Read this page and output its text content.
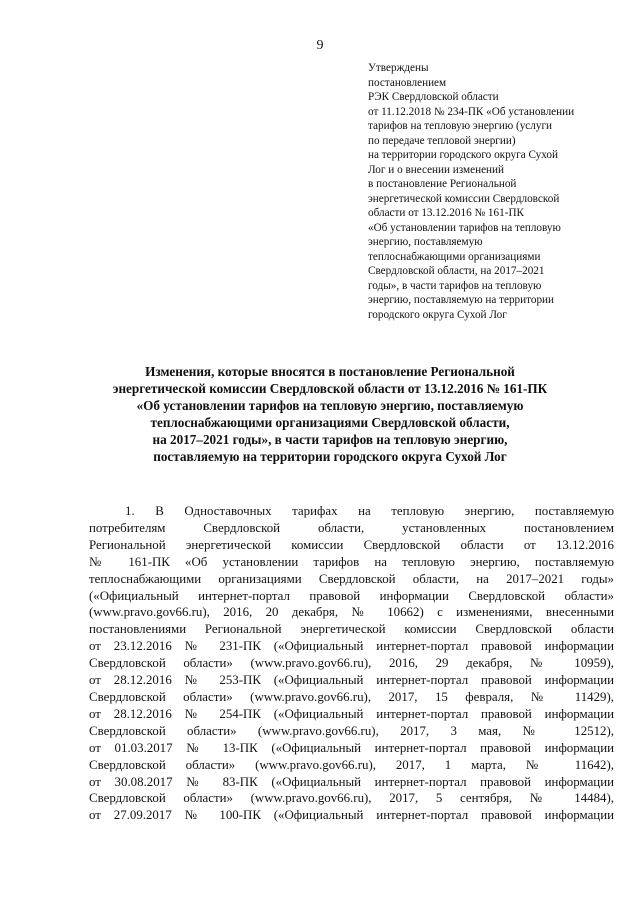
9
Утверждены
постановлением
РЭК Свердловской области
от 11.12.2018 № 234-ПК «Об установлении
тарифов на тепловую энергию (услуги
по передаче тепловой энергии)
на территории городского округа Сухой
Лог и о внесении изменений
в постановление Региональной
энергетической комиссии Свердловской
области от 13.12.2016 № 161-ПК
«Об установлении тарифов на тепловую
энергию, поставляемую
теплоснабжающими организациями
Свердловской области, на 2017–2021
годы», в части тарифов на тепловую
энергию, поставляемую на территории
городского округа Сухой Лог
Изменения, которые вносятся в постановление Региональной
энергетической комиссии Свердловской области от 13.12.2016 № 161-ПК
«Об установлении тарифов на тепловую энергию, поставляемую
теплоснабжающими организациями Свердловской области,
на 2017–2021 годы», в части тарифов на тепловую энергию,
поставляемую на территории городского округа Сухой Лог
1. В Одноставочных тарифах на тепловую энергию, поставляемую
потребителям Свердловской области, установленных постановлением
Региональной энергетической комиссии Свердловской области от 13.12.2016
№ 161-ПК «Об установлении тарифов на тепловую энергию, поставляемую
теплоснабжающими организациями Свердловской области, на 2017–2021 годы»
(«Официальный интернет-портал правовой информации Свердловской области»
(www.pravo.gov66.ru), 2016, 20 декабря, № 10662) с изменениями, внесенными
постановлениями Региональной энергетической комиссии Свердловской области
от 23.12.2016 № 231-ПК («Официальный интернет-портал правовой информации
Свердловской области» (www.pravo.gov66.ru), 2016, 29 декабря, № 10959),
от 28.12.2016 № 253-ПК («Официальный интернет-портал правовой информации
Свердловской области» (www.pravo.gov66.ru), 2017, 15 февраля, № 11429),
от 28.12.2016 № 254-ПК («Официальный интернет-портал правовой информации
Свердловской области» (www.pravo.gov66.ru), 2017, 3 мая, № 12512),
от 01.03.2017 № 13-ПК («Официальный интернет-портал правовой информации
Свердловской области» (www.pravo.gov66.ru), 2017, 1 марта, № 11642),
от 30.08.2017 № 83-ПК («Официальный интернет-портал правовой информации
Свердловской области» (www.pravo.gov66.ru), 2017, 5 сентября, № 14484),
от 27.09.2017 № 100-ПК («Официальный интернет-портал правовой информации
